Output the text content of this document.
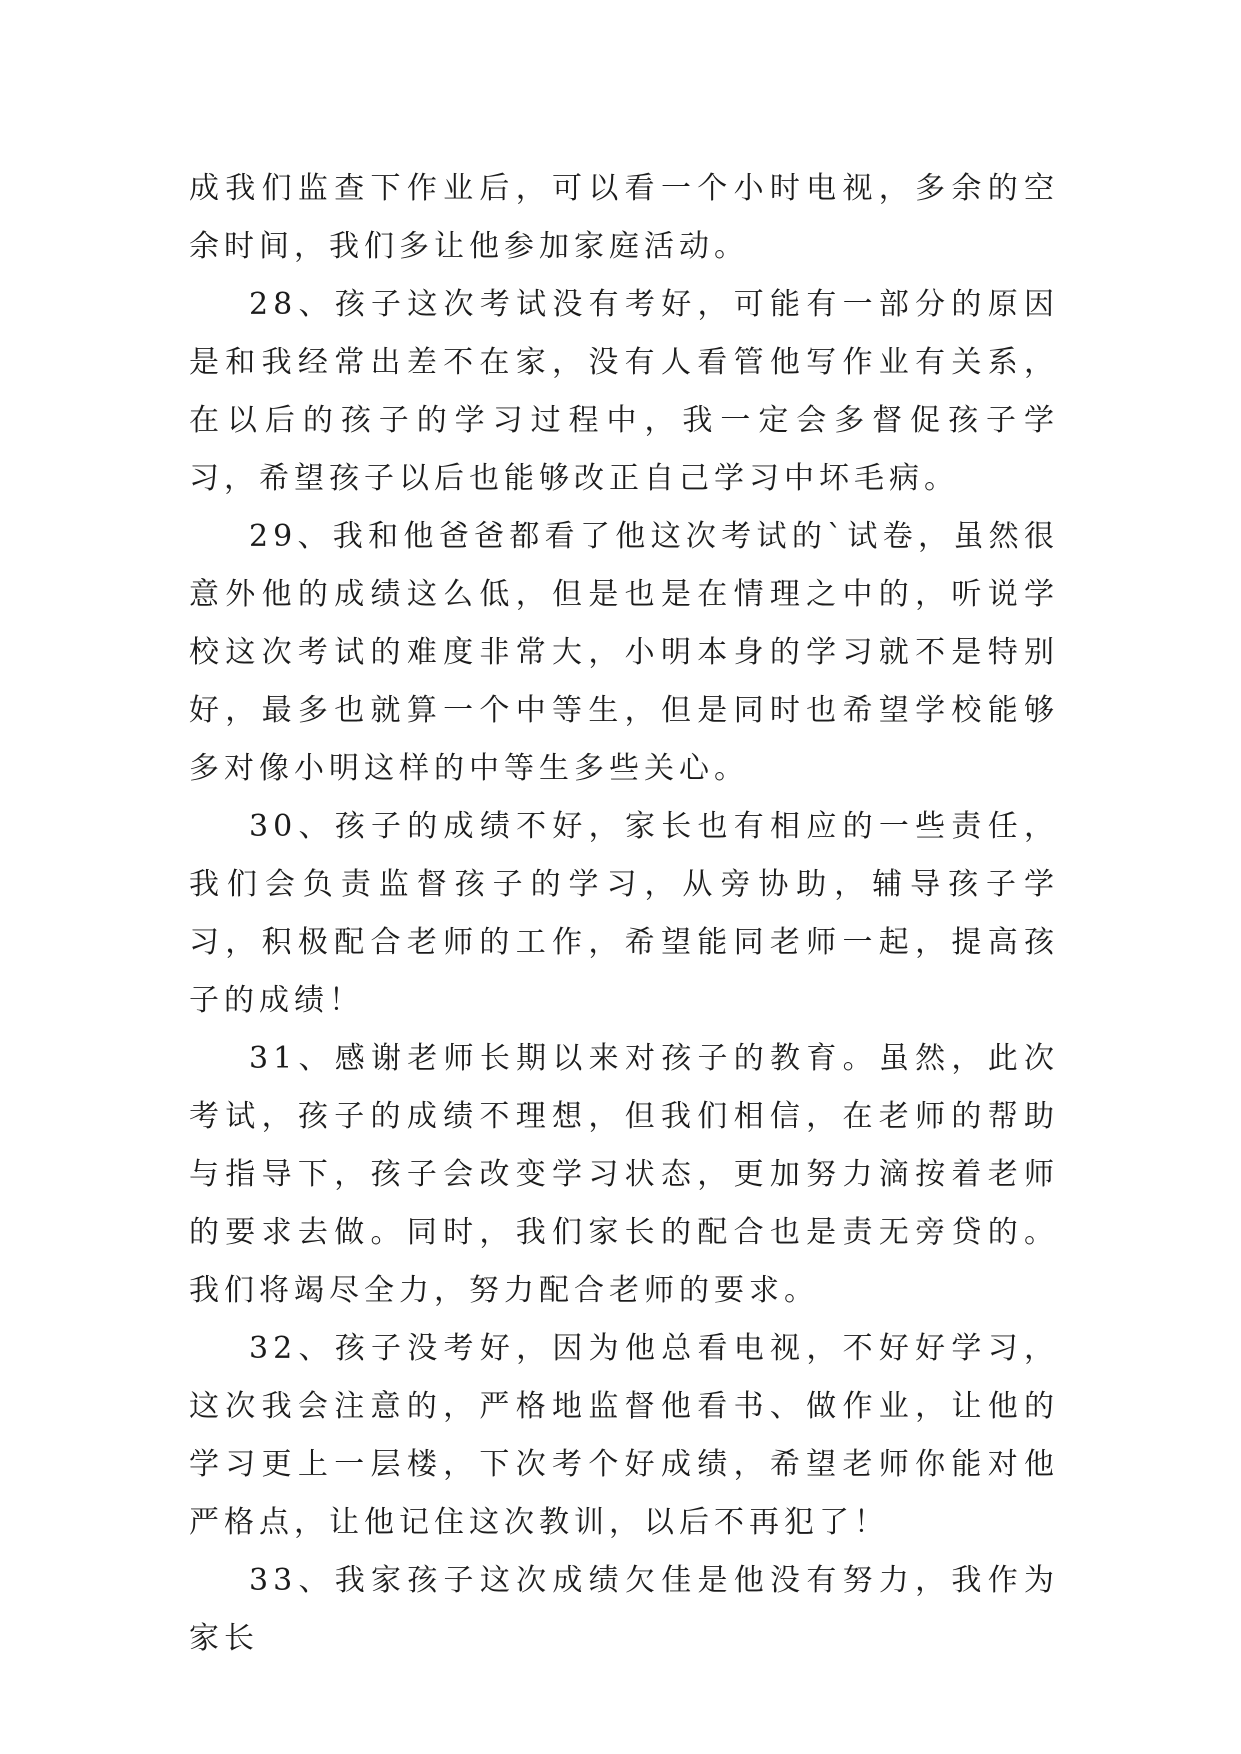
成我们监查下作业后，可以看一个小时电视，多余的空余时间，我们多让他参加家庭活动。

28、孩子这次考试没有考好，可能有一部分的原因是和我经常出差不在家，没有人看管他写作业有关系，在以后的孩子的学习过程中，我一定会多督促孩子学习，希望孩子以后也能够改正自己学习中坏毛病。

29、我和他爸爸都看了他这次考试的`试卷，虽然很意外他的成绩这么低，但是也是在情理之中的，听说学校这次考试的难度非常大，小明本身的学习就不是特别好，最多也就算一个中等生，但是同时也希望学校能够多对像小明这样的中等生多些关心。

30、孩子的成绩不好，家长也有相应的一些责任，我们会负责监督孩子的学习，从旁协助，辅导孩子学习，积极配合老师的工作，希望能同老师一起，提高孩子的成绩！

31、感谢老师长期以来对孩子的教育。虽然，此次考试，孩子的成绩不理想，但我们相信，在老师的帮助与指导下，孩子会改变学习状态，更加努力滴按着老师的要求去做。同时，我们家长的配合也是责无旁贷的。我们将竭尽全力，努力配合老师的要求。

32、孩子没考好，因为他总看电视，不好好学习，这次我会注意的，严格地监督他看书、做作业，让他的学习更上一层楼，下次考个好成绩，希望老师你能对他严格点，让他记住这次教训，以后不再犯了！

33、我家孩子这次成绩欠佳是他没有努力，我作为家长
